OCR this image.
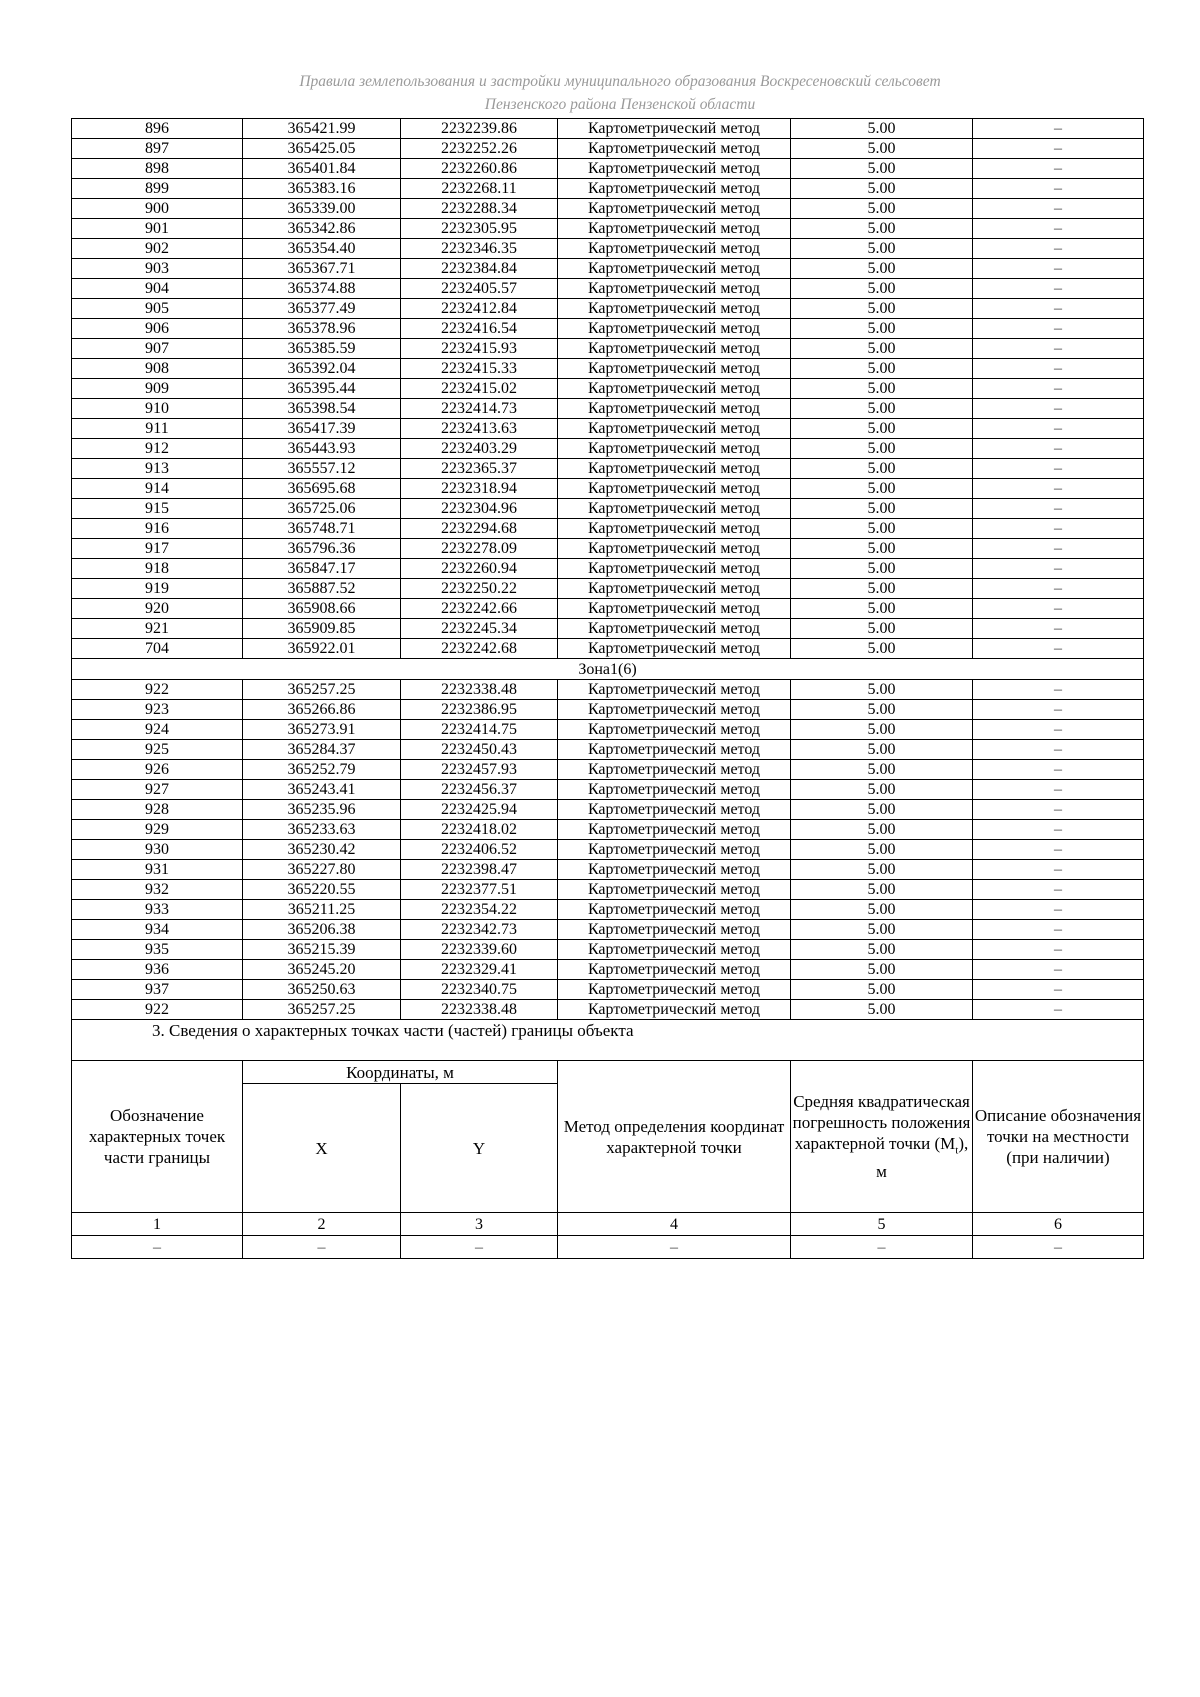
Правила землепользования и застройки муниципального образования Воскресеновский сельсовет
Пензенского района Пензенской области
896	365421.99	2232239.86	Картометрический метод	5.00	–
897	365425.05	2232252.26	Картометрический метод	5.00	–
898	365401.84	2232260.86	Картометрический метод	5.00	–
899	365383.16	2232268.11	Картометрический метод	5.00	–
900	365339.00	2232288.34	Картометрический метод	5.00	–
901	365342.86	2232305.95	Картометрический метод	5.00	–
902	365354.40	2232346.35	Картометрический метод	5.00	–
903	365367.71	2232384.84	Картометрический метод	5.00	–
904	365374.88	2232405.57	Картометрический метод	5.00	–
905	365377.49	2232412.84	Картометрический метод	5.00	–
906	365378.96	2232416.54	Картометрический метод	5.00	–
907	365385.59	2232415.93	Картометрический метод	5.00	–
908	365392.04	2232415.33	Картометрический метод	5.00	–
909	365395.44	2232415.02	Картометрический метод	5.00	–
910	365398.54	2232414.73	Картометрический метод	5.00	–
911	365417.39	2232413.63	Картометрический метод	5.00	–
912	365443.93	2232403.29	Картометрический метод	5.00	–
913	365557.12	2232365.37	Картометрический метод	5.00	–
914	365695.68	2232318.94	Картометрический метод	5.00	–
915	365725.06	2232304.96	Картометрический метод	5.00	–
916	365748.71	2232294.68	Картометрический метод	5.00	–
917	365796.36	2232278.09	Картометрический метод	5.00	–
918	365847.17	2232260.94	Картометрический метод	5.00	–
919	365887.52	2232250.22	Картометрический метод	5.00	–
920	365908.66	2232242.66	Картометрический метод	5.00	–
921	365909.85	2232245.34	Картометрический метод	5.00	–
704	365922.01	2232242.68	Картометрический метод	5.00	–
Зона1(6)					
922	365257.25	2232338.48	Картометрический метод	5.00	–
923	365266.86	2232386.95	Картометрический метод	5.00	–
924	365273.91	2232414.75	Картометрический метод	5.00	–
925	365284.37	2232450.43	Картометрический метод	5.00	–
926	365252.79	2232457.93	Картометрический метод	5.00	–
927	365243.41	2232456.37	Картометрический метод	5.00	–
928	365235.96	2232425.94	Картометрический метод	5.00	–
929	365233.63	2232418.02	Картометрический метод	5.00	–
930	365230.42	2232406.52	Картометрический метод	5.00	–
931	365227.80	2232398.47	Картометрический метод	5.00	–
932	365220.55	2232377.51	Картометрический метод	5.00	–
933	365211.25	2232354.22	Картометрический метод	5.00	–
934	365206.38	2232342.73	Картометрический метод	5.00	–
935	365215.39	2232339.60	Картометрический метод	5.00	–
936	365245.20	2232329.41	Картометрический метод	5.00	–
937	365250.63	2232340.75	Картометрический метод	5.00	–
922	365257.25	2232338.48	Картометрический метод	5.00	–
3. Сведения о характерных точках части (частей) границы объекта					
Обозначение характерных точек части границы	Координаты, м		Метод определения координат характерной точки	Средняя квадратическая погрешность положения характерной точки $(M_t)$, м	Описание обозначения точки на местности (при наличии)
	X	Y			
1	2	3	4	5	6
–	–	–	–	–	–
